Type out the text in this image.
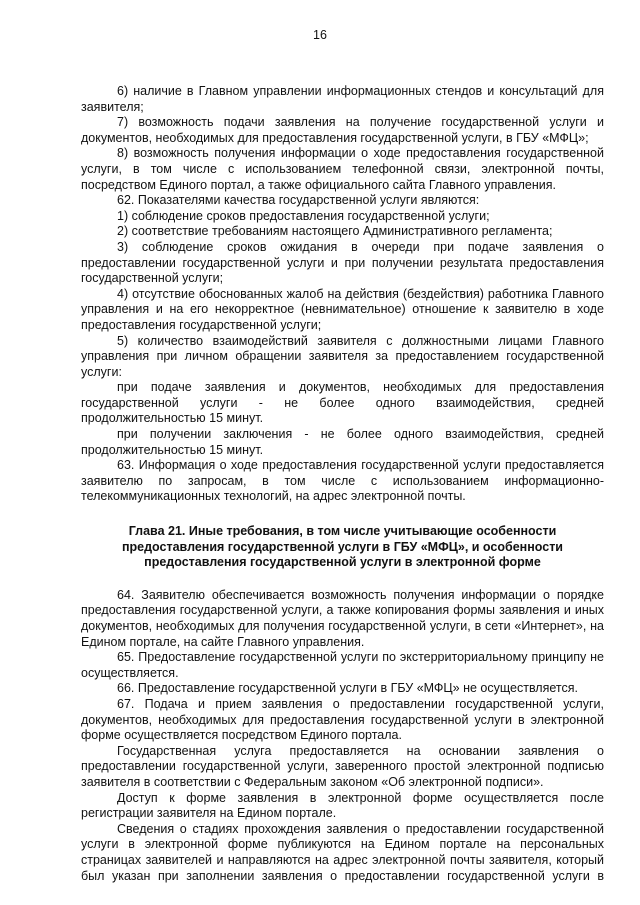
16

6) наличие в Главном управлении информационных стендов и консультаций для заявителя;

7) возможность подачи заявления на получение государственной услуги и документов, необходимых для предоставления государственной услуги, в ГБУ «МФЦ»;

8) возможность получения информации о ходе предоставления государственной услуги, в том числе с использованием телефонной связи, электронной почты, посредством Единого портал, а также официального сайта Главного управления.

62. Показателями качества государственной услуги являются:

1) соблюдение сроков предоставления государственной услуги;

2) соответствие требованиям настоящего Административного регламента;

3) соблюдение сроков ожидания в очереди при подаче заявления о предоставлении государственной услуги и при получении результата предоставления государственной услуги;

4) отсутствие обоснованных жалоб на действия (бездействия) работника Главного управления и на его некорректное (невнимательное) отношение к заявителю в ходе предоставления государственной услуги;

5) количество взаимодействий заявителя с должностными лицами Главного управления при личном обращении заявителя за предоставлением государственной услуги:

при подаче заявления и документов, необходимых для предоставления государственной услуги - не более одного взаимодействия, средней продолжительностью 15 минут.

при получении заключения - не более одного взаимодействия, средней продолжительностью 15 минут.

63. Информация о ходе предоставления государственной услуги предоставляется заявителю по запросам, в том числе с использованием информационно-телекоммуникационных технологий, на адрес электронной почты.

Глава 21. Иные требования, в том числе учитывающие особенности
предоставления государственной услуги в ГБУ «МФЦ», и особенности
предоставления государственной услуги в электронной форме

64. Заявителю обеспечивается возможность получения информации о порядке предоставления государственной услуги, а также копирования формы заявления и иных документов, необходимых для получения государственной услуги, в сети «Интернет», на Едином портале, на сайте Главного управления.

65. Предоставление государственной услуги по экстерриториальному принципу не осуществляется.

66. Предоставление государственной услуги в ГБУ «МФЦ» не осуществляется.

67. Подача и прием заявления о предоставлении государственной услуги, документов, необходимых для предоставления государственной услуги в электронной форме осуществляется посредством Единого портала.

Государственная услуга предоставляется на основании заявления о предоставлении государственной услуги, заверенного простой электронной подписью заявителя в соответствии с Федеральным законом «Об электронной подписи».

Доступ к форме заявления в электронной форме осуществляется после регистрации заявителя на Едином портале.

Сведения о стадиях прохождения заявления о предоставлении государственной услуги в электронной форме публикуются на Едином портале на персональных страницах заявителей и направляются на адрес электронной почты заявителя, который был указан при заполнении заявления о предоставлении государственной услуги в
